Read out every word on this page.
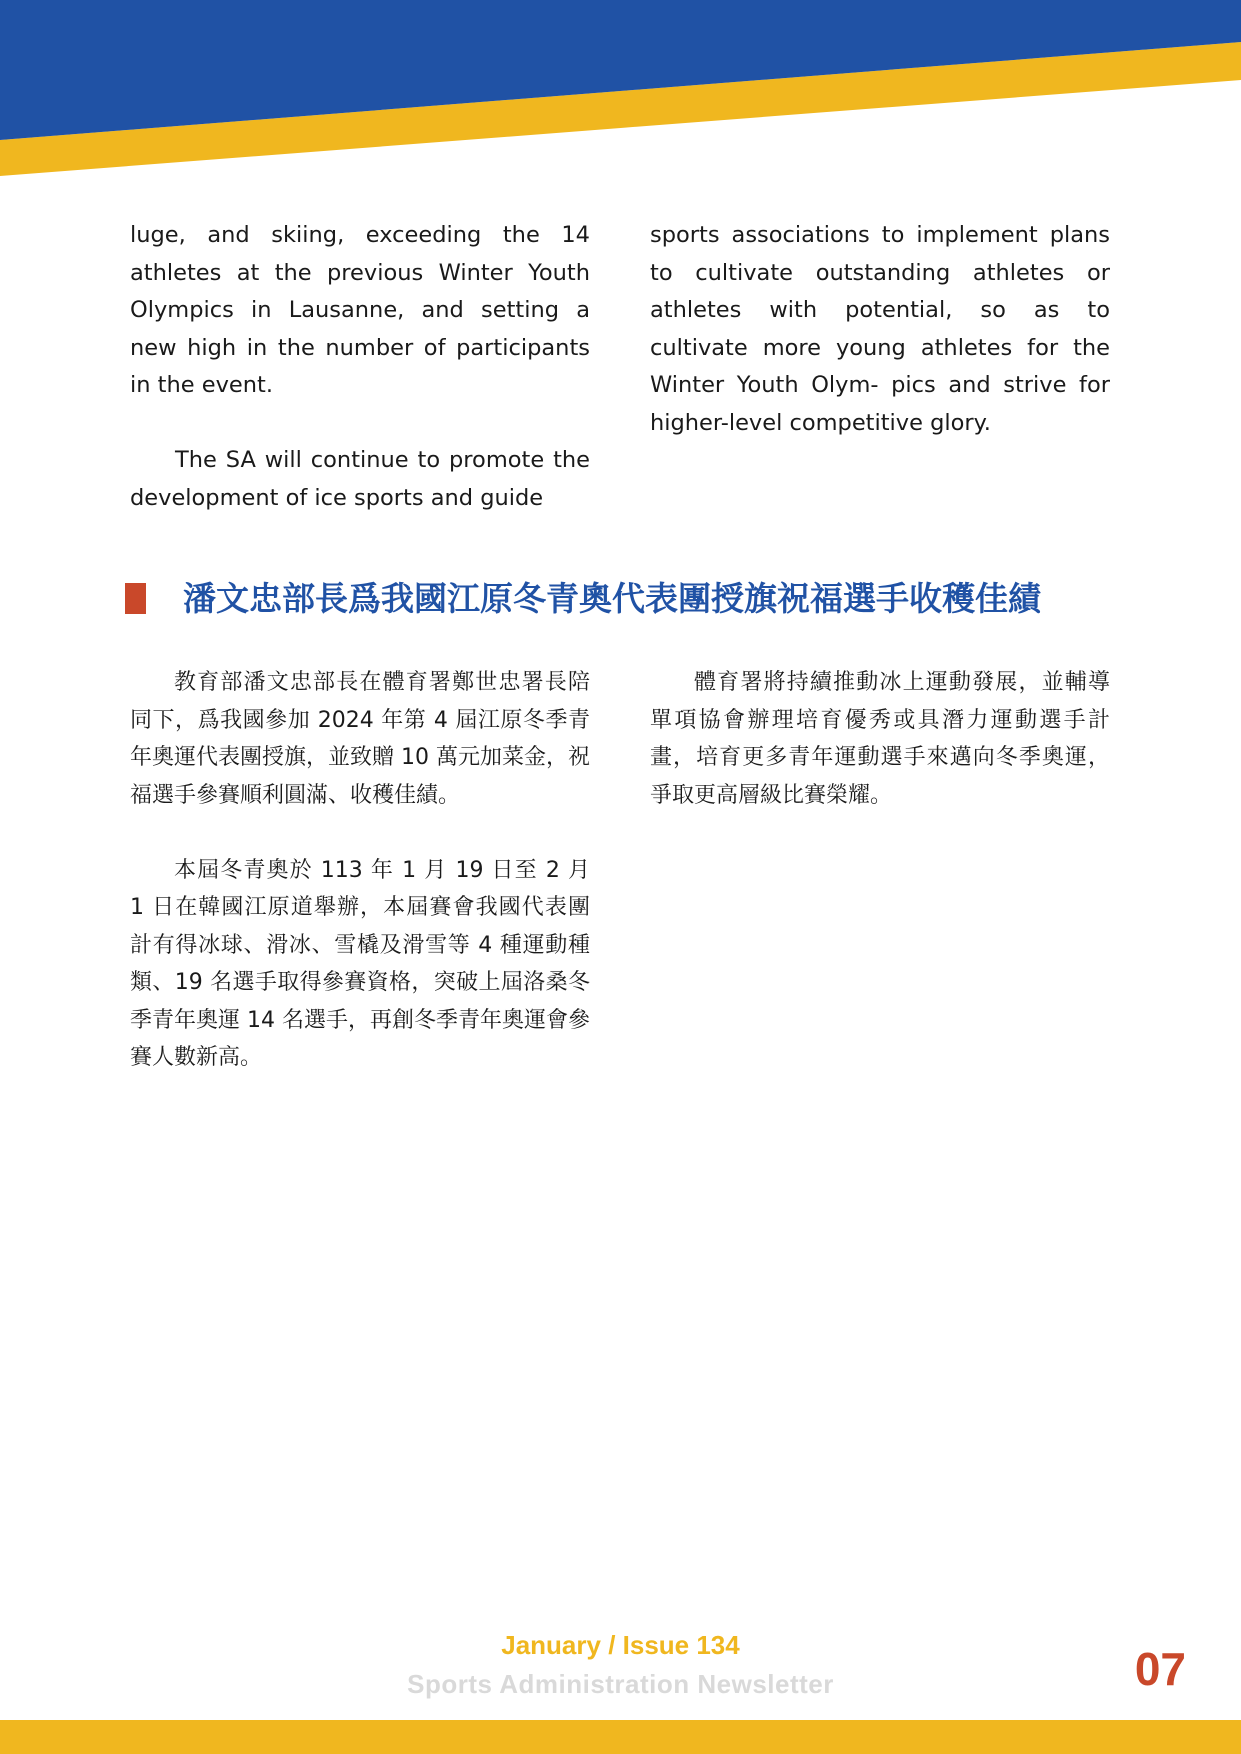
luge, and skiing, exceeding the 14 athletes at the previous Winter Youth Olympics in Lausanne, and setting a new high in the number of participants in the event.

The SA will continue to promote the development of ice sports and guide

sports associations to implement plans to cultivate outstanding athletes or athletes with potential, so as to cultivate more young athletes for the Winter Youth Olym- pics and strive for higher-level competitive glory.

潘文忠部長爲我國江原冬青奧代表團授旗祝福選手收穫佳績

教育部潘文忠部長在體育署鄭世忠署長陪同下，爲我國參加 2024 年第 4 屆江原冬季青年奧運代表團授旗，並致贈 10 萬元加菜金，祝福選手參賽順利圓滿、收穫佳績。

本屆冬青奧於 113 年 1 月 19 日至 2 月 1 日在韓國江原道舉辦，本屆賽會我國代表團計有得冰球、滑冰、雪橇及滑雪等 4 種運動種類、19 名選手取得參賽資格，突破上屆洛桑冬季青年奧運 14 名選手，再創冬季青年奧運會參賽人數新高。

體育署將持續推動冰上運動發展，並輔導單項協會辦理培育優秀或具潛力運動選手計畫，培育更多青年運動選手來邁向冬季奧運，爭取更高層級比賽榮耀。

January / Issue 134
Sports Administration Newsletter	07
